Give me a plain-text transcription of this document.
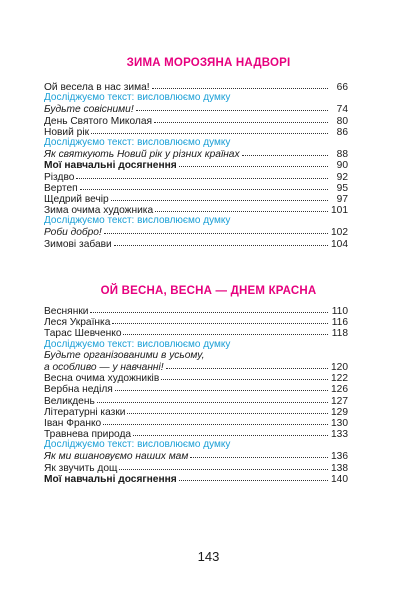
ЗИМА МОРОЗЯНА НАДВОРІ
Ой весела в нас зима!	66
Досліджуємо текст: висловлюємо думку
Будьте совісними!	74
День Святого Миколая	80
Новий рік	86
Досліджуємо текст: висловлюємо думку
Як святкують Новий рік у різних країнах	88
Мої навчальні досягнення	90
Різдво	92
Вертеп	95
Щедрий вечір	97
Зима очима художника	101
Досліджуємо текст: висловлюємо думку
Роби добро!	102
Зимові забави	104
ОЙ ВЕСНА, ВЕСНА — ДНЕМ КРАСНА
Веснянки	110
Леся Українка	116
Тарас Шевченко	118
Досліджуємо текст: висловлюємо думку
Будьте організованими в усьому,
а особливо — у навчанні!	120
Весна очима художників	122
Вербна неділя	126
Великдень	127
Літературні казки	129
Іван Франко	130
Травнева природа	133
Досліджуємо текст: висловлюємо думку
Як ми вшановуємо наших мам	136
Як звучить дощ	138
Мої навчальні досягнення	140
143
